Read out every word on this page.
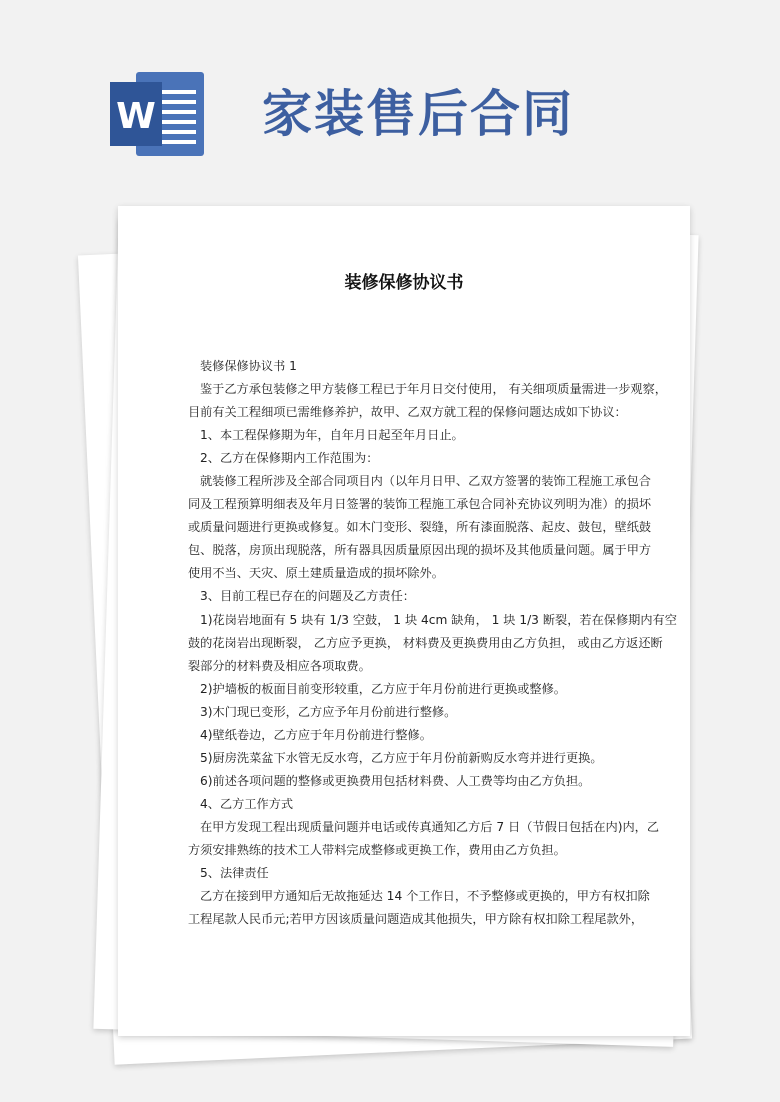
W 家装售后合同
装修保修协议书
装修保修协议书 1
鉴于乙方承包装修之甲方装修工程已于年月日交付使用， 有关细项质量需进一步观察，
目前有关工程细项已需维修养护，故甲、乙双方就工程的保修问题达成如下协议：
1、本工程保修期为年，自年月日起至年月日止。
2、乙方在保修期内工作范围为：
就装修工程所涉及全部合同项目内（以年月日甲、乙双方签署的装饰工程施工承包合
同及工程预算明细表及年月日签署的装饰工程施工承包合同补充协议列明为准）的损坏
或质量问题进行更换或修复。如木门变形、裂缝，所有漆面脱落、起皮、鼓包，壁纸鼓
包、脱落，房顶出现脱落，所有器具因质量原因出现的损坏及其他质量问题。属于甲方
使用不当、天灾、原土建质量造成的损坏除外。
3、目前工程已存在的问题及乙方责任：
1)花岗岩地面有 5 块有 1/3 空鼓， 1 块 4cm 缺角， 1 块 1/3 断裂，若在保修期内有空
鼓的花岗岩出现断裂， 乙方应予更换， 材料费及更换费用由乙方负担， 或由乙方返还断
裂部分的材料费及相应各项取费。
2)护墙板的板面目前变形较重，乙方应于年月份前进行更换或整修。
3)木门现已变形，乙方应予年月份前进行整修。
4)壁纸卷边，乙方应于年月份前进行整修。
5)厨房洗菜盆下水管无反水弯，乙方应于年月份前新购反水弯并进行更换。
6)前述各项问题的整修或更换费用包括材料费、人工费等均由乙方负担。
4、乙方工作方式
在甲方发现工程出现质量问题并电话或传真通知乙方后 7 日（节假日包括在内)内，乙
方须安排熟练的技术工人带料完成整修或更换工作，费用由乙方负担。
5、法律责任
乙方在接到甲方通知后无故拖延达 14 个工作日，不予整修或更换的，甲方有权扣除
工程尾款人民币元;若甲方因该质量问题造成其他损失，甲方除有权扣除工程尾款外，
